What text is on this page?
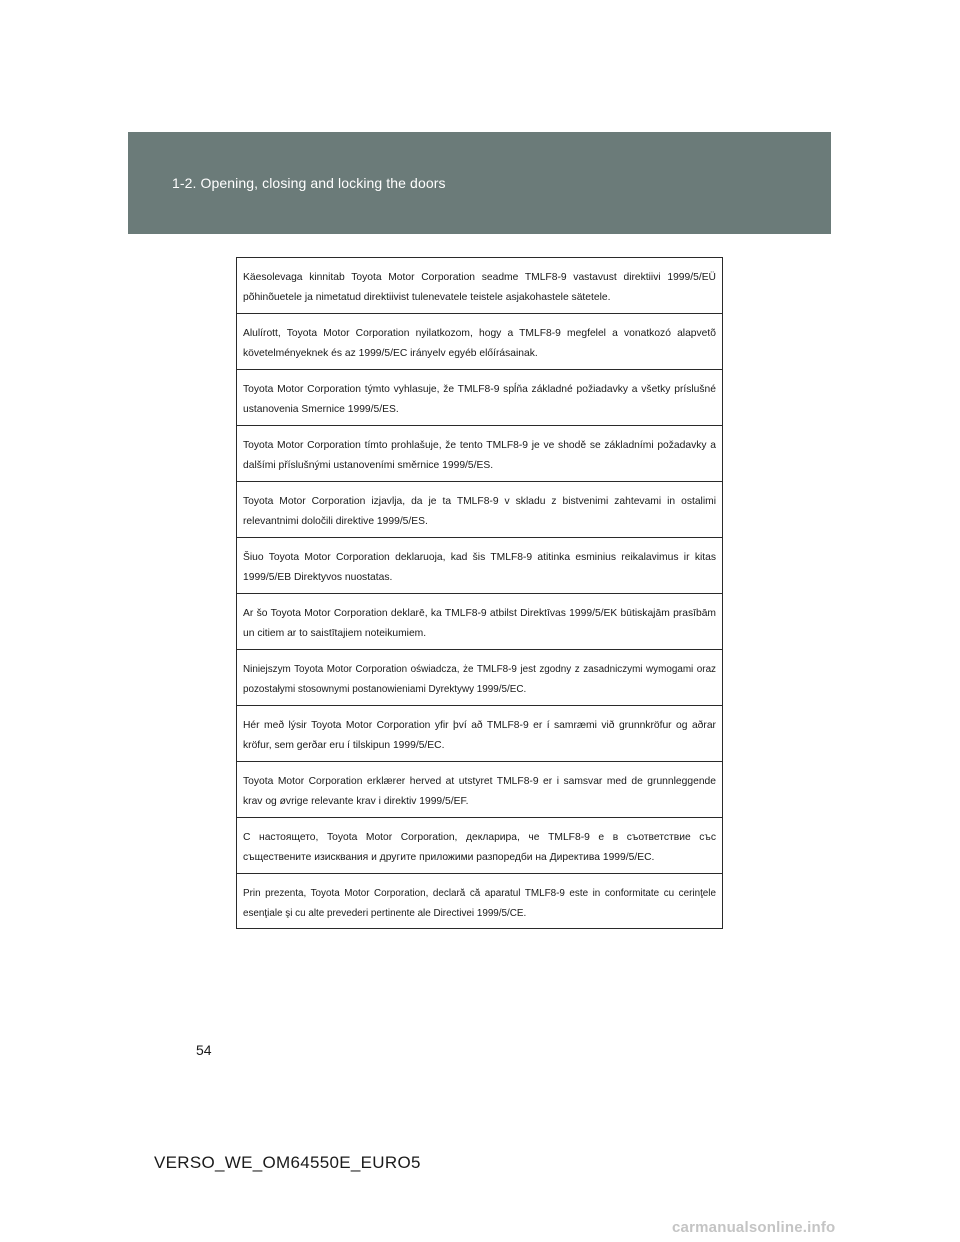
1-2. Opening, closing and locking the doors
Käesolevaga kinnitab Toyota Motor Corporation seadme TMLF8-9 vastavust direktiivi 1999/5/EÜ põhinõuetele ja nimetatud direktiivist tulenevatele teistele asjakohastele sätetele.
Alulírott, Toyota Motor Corporation nyilatkozom, hogy a TMLF8-9 megfelel a vonatkozó alapvetõ követelményeknek és az 1999/5/EC irányelv egyéb előírásainak.
Toyota Motor Corporation týmto vyhlasuje, že TMLF8-9 spĺňa základné požiadavky a všetky príslušné ustanovenia Smernice 1999/5/ES.
Toyota Motor Corporation tímto prohlašuje, že tento TMLF8-9 je ve shodě se základními požadavky a dalšími příslušnými ustanoveními směrnice 1999/5/ES.
Toyota Motor Corporation izjavlja, da je ta TMLF8-9 v skladu z bistvenimi zahtevami in ostalimi relevantnimi določili direktive 1999/5/ES.
Šiuo Toyota Motor Corporation deklaruoja, kad šis TMLF8-9 atitinka esminius reikalavimus ir kitas 1999/5/EB Direktyvos nuostatas.
Ar šo Toyota Motor Corporation deklarē, ka TMLF8-9 atbilst Direktīvas 1999/5/EK būtiskajām prasībām un citiem ar to saistītajiem noteikumiem.
Niniejszym Toyota Motor Corporation oświadcza, że TMLF8-9 jest zgodny z zasadniczymi wymogami oraz pozostałymi stosownymi postanowieniami Dyrektywy 1999/5/EC.
Hér með lýsir Toyota Motor Corporation yfir því að TMLF8-9 er í samræmi við grunnkröfur og aðrar kröfur, sem gerðar eru í tilskipun 1999/5/EC.
Toyota Motor Corporation erklærer herved at utstyret TMLF8-9 er i samsvar med de grunnleggende krav og øvrige relevante krav i direktiv 1999/5/EF.
С настоящето, Toyota Motor Corporation, декларира, че TMLF8-9 е в съответствие със съществените изисквания и другите приложими разпоредби на Директива 1999/5/EC.
Prin prezenta, Toyota Motor Corporation, declară că aparatul TMLF8-9 este in conformitate cu cerinţele esenţiale şi cu alte prevederi pertinente ale Directivei 1999/5/CE.
54
VERSO_WE_OM64550E_EURO5
carmanualsonline.info
